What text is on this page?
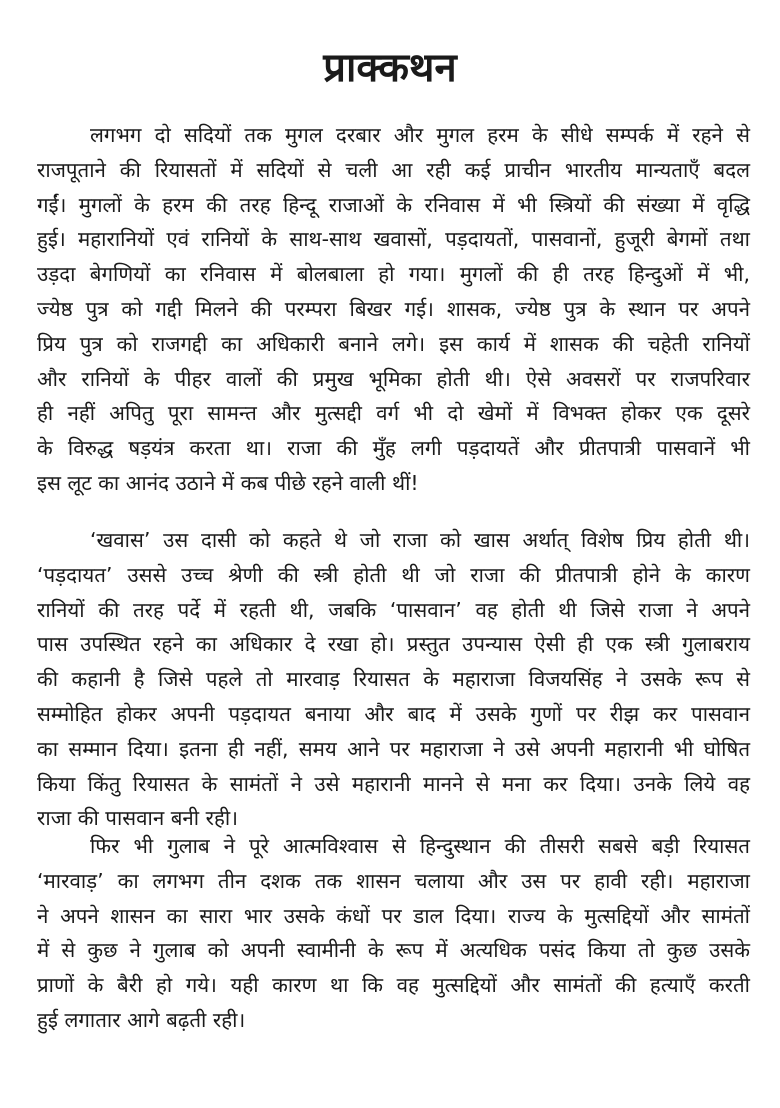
प्राक्कथन
लगभग दो सदियों तक मुगल दरबार और मुगल हरम के सीधे सम्पर्क में रहने से
राजपूताने की रियासतों में सदियों से चली आ रही कई प्राचीन भारतीय मान्यताएँ बदल
गईं। मुगलों के हरम की तरह हिन्दू राजाओं के रनिवास में भी स्त्रियों की संख्या में वृद्धि
हुई। महारानियों एवं रानियों के साथ-साथ खवासों, पड़दायतों, पासवानों, हुजूरी बेगमों तथा
उड़दा बेगणियों का रनिवास में बोलबाला हो गया। मुगलों की ही तरह हिन्दुओं में भी,
ज्येष्ठ पुत्र को गद्दी मिलने की परम्परा बिखर गई। शासक, ज्येष्ठ पुत्र के स्थान पर अपने
प्रिय पुत्र को राजगद्दी का अधिकारी बनाने लगे। इस कार्य में शासक की चहेती रानियों
और रानियों के पीहर वालों की प्रमुख भूमिका होती थी। ऐसे अवसरों पर राजपरिवार
ही नहीं अपितु पूरा सामन्त और मुत्सद्दी वर्ग भी दो खेमों में विभक्त होकर एक दूसरे
के विरुद्ध षड़यंत्र करता था। राजा की मुँह लगी पड़दायतें और प्रीतपात्री पासवानें भी
इस लूट का आनंद उठाने में कब पीछे रहने वाली थीं!
‘खवास’ उस दासी को कहते थे जो राजा को खास अर्थात् विशेष प्रिय होती थी।
‘पड़दायत’ उससे उच्च श्रेणी की स्त्री होती थी जो राजा की प्रीतपात्री होने के कारण
रानियों की तरह पर्दे में रहती थी, जबकि ‘पासवान’ वह होती थी जिसे राजा ने अपने
पास उपस्थित रहने का अधिकार दे रखा हो। प्रस्तुत उपन्यास ऐसी ही एक स्त्री गुलाबराय
की कहानी है जिसे पहले तो मारवाड़ रियासत के महाराजा विजयसिंह ने उसके रूप से
सम्मोहित होकर अपनी पड़दायत बनाया और बाद में उसके गुणों पर रीझ कर पासवान
का सम्मान दिया। इतना ही नहीं, समय आने पर महाराजा ने उसे अपनी महारानी भी घोषित
किया किंतु रियासत के सामंतों ने उसे महारानी मानने से मना कर दिया। उनके लिये वह
राजा की पासवान बनी रही।
फिर भी गुलाब ने पूरे आत्मविश्वास से हिन्दुस्थान की तीसरी सबसे बड़ी रियासत
‘मारवाड़’ का लगभग तीन दशक तक शासन चलाया और उस पर हावी रही। महाराजा
ने अपने शासन का सारा भार उसके कंधों पर डाल दिया। राज्य के मुत्सद्दियों और सामंतों
में से कुछ ने गुलाब को अपनी स्वामीनी के रूप में अत्यधिक पसंद किया तो कुछ उसके
प्राणों के बैरी हो गये। यही कारण था कि वह मुत्सद्दियों और सामंतों की हत्याएँ करती
हुई लगातार आगे बढ़ती रही।
